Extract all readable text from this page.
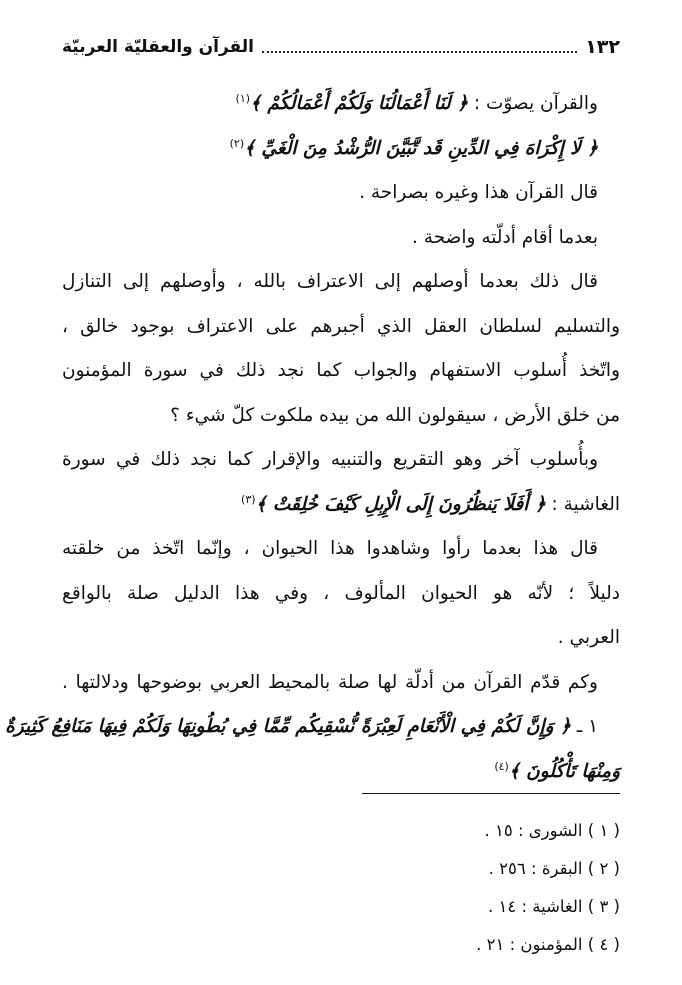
١٣٢
القرآن والعقليّة العربيّة
والقرآن يصوّت : ﴿ لَنَا أَعْمَالُنَا وَلَكُمْ أَعْمَالُكُمْ ﴾$^{(١)}$
﴿ لَا إِكْرَاهَ فِي الدِّينِ قَد تَّبَيَّنَ الرُّشْدُ مِنَ الْغَيِّ ﴾$^{(٢)}$
قال القرآن هذا وغيره بصراحة .
بعدما أقام أدلّته واضحة .
قال ذلك بعدما أوصلهم إلى الاعتراف بالله ، وأوصلهم إلى التنازل
والتسليم لسلطان العقل الذي أجبرهم على الاعتراف بوجود خالق ،
واتّخذ أُسلوب الاستفهام والجواب كما نجد ذلك في سورة المؤمنون
من خلق الأرض ، سيقولون الله من بيده ملكوت كلّ شيء ؟
وبأُسلوب آخر وهو التقريع والتنبيه والإقرار كما نجد ذلك في سورة
الغاشية : ﴿ أَفَلَا يَنظُرُونَ إِلَى الْإِبِلِ كَيْفَ خُلِقَتْ ﴾$^{(٣)}$
قال هذا بعدما رأوا وشاهدوا هذا الحيوان ، وإنّما اتّخذ من خلقته
دليلاً ؛ لأنّه هو الحيوان المألوف ، وفي هذا الدليل صلة بالواقع
العربي .
وكم قدّم القرآن من أدلّة لها صلة بالمحيط العربي بوضوحها ودلالتها .
١ ـ ﴿ وَإِنَّ لَكُمْ فِي الْأَنْعَامِ لَعِبْرَةً نُّسْقِيكُم مِّمَّا فِي بُطُونِهَا وَلَكُمْ فِيهَا مَنَافِعُ كَثِيرَةٌ
وَمِنْهَا تَأْكُلُونَ ﴾$^{(٤)}$
( ١ ) الشورى : ١٥ .
( ٢ ) البقرة : ٢٥٦ .
( ٣ ) الغاشية : ١٤ .
( ٤ ) المؤمنون : ٢١ .
